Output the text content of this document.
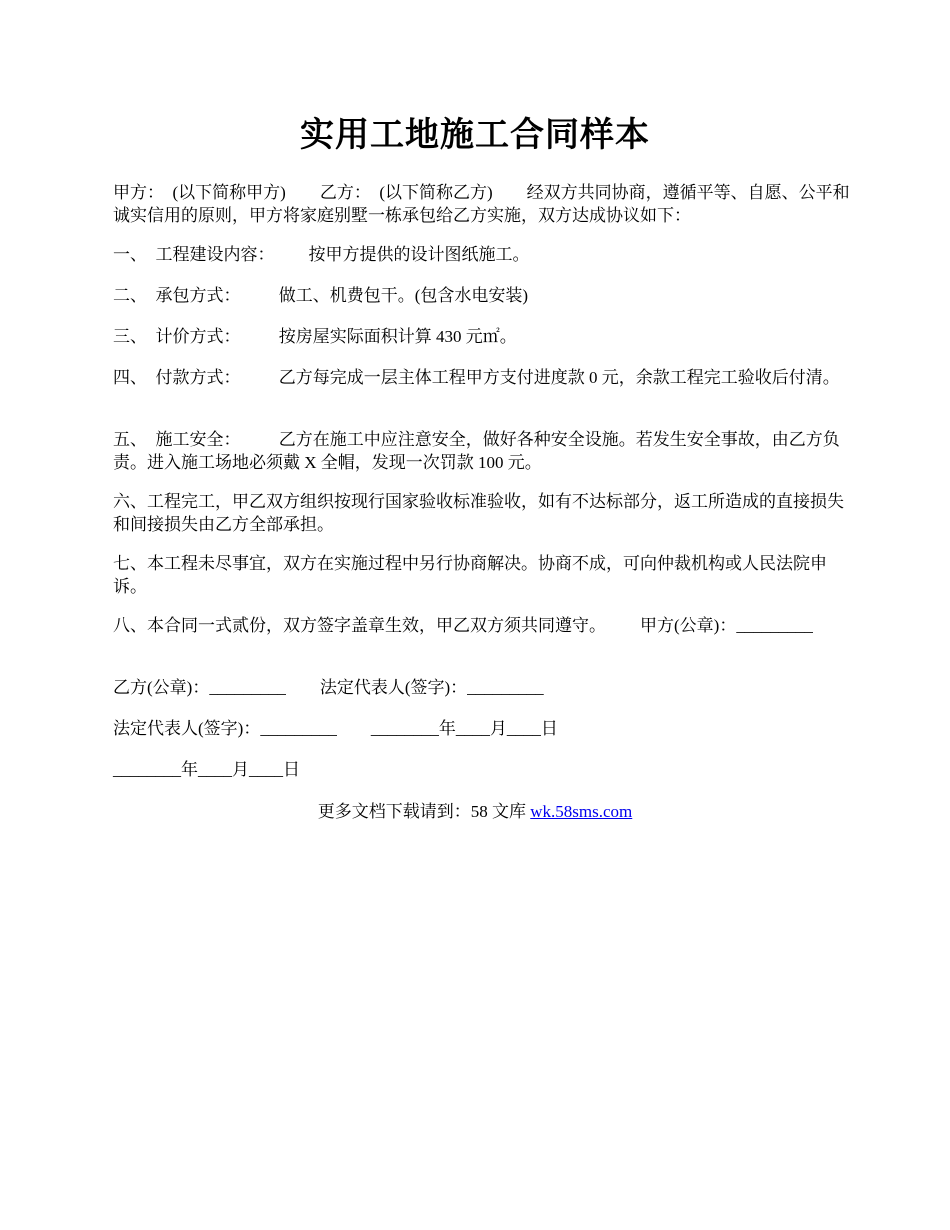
实用工地施工合同样本
甲方：  (以下简称甲方)        乙方：  (以下简称乙方)        经双方共同协商，遵循平等、自愿、公平和诚实信用的原则，甲方将家庭别墅一栋承包给乙方实施，双方达成协议如下：
一、  工程建设内容：        按甲方提供的设计图纸施工。
二、  承包方式：         做工、机费包干。(包含水电安装)
三、  计价方式：         按房屋实际面积计算 430 元㎡。
四、  付款方式：         乙方每完成一层主体工程甲方支付进度款 0 元，余款工程完工验收后付清。
五、  施工安全：         乙方在施工中应注意安全，做好各种安全设施。若发生安全事故，由乙方负责。进入施工场地必须戴 X 全帽，发现一次罚款 100 元。
六、工程完工，甲乙双方组织按现行国家验收标准验收，如有不达标部分，返工所造成的直接损失和间接损失由乙方全部承担。
七、本工程未尽事宜，双方在实施过程中另行协商解决。协商不成，可向仲裁机构或人民法院申诉。
八、本合同一式贰份，双方签字盖章生效，甲乙双方须共同遵守。        甲方(公章)：_________
乙方(公章)：_________        法定代表人(签字)：_________
法定代表人(签字)：_________        ________年____月____日
________年____月____日
更多文档下载请到：58 文库 wk.58sms.com
